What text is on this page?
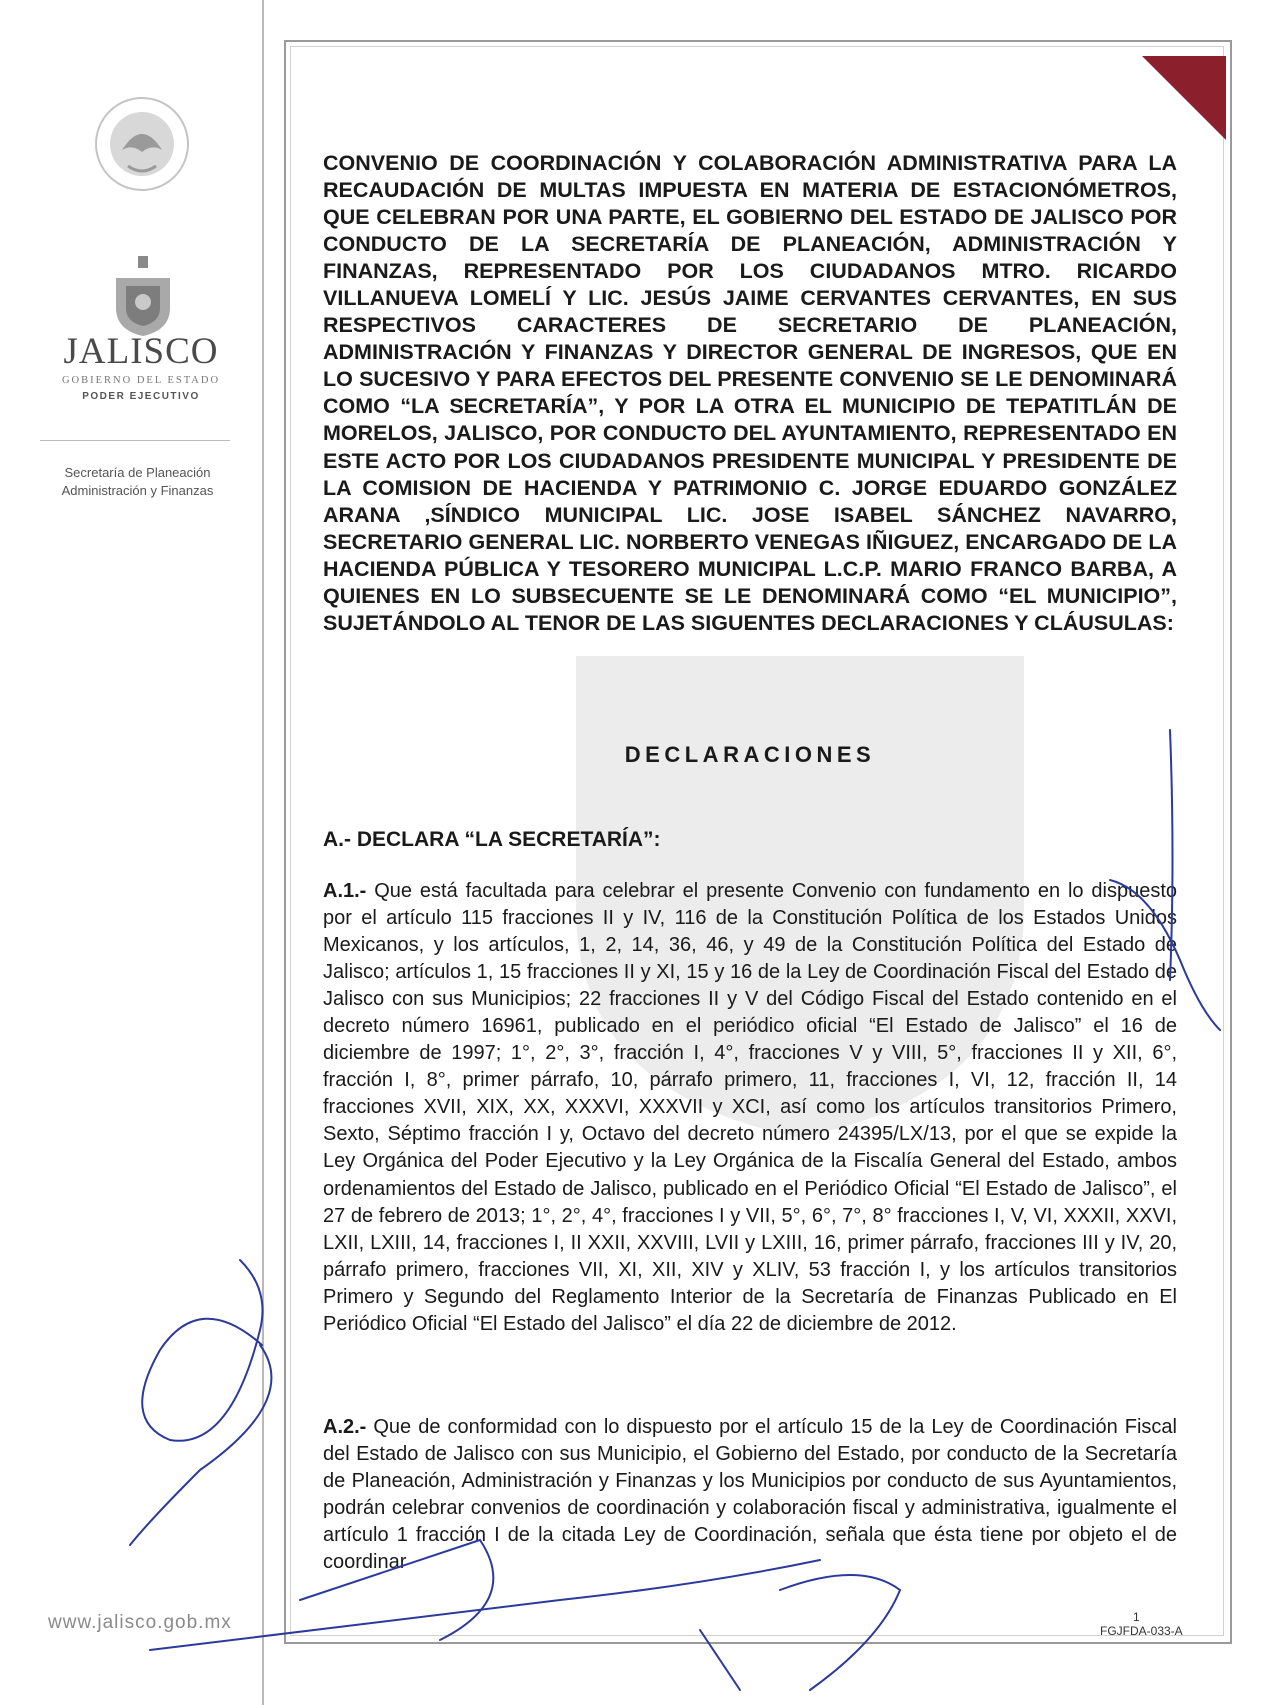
JALISCO
GOBIERNO DEL ESTADO
PODER EJECUTIVO
Secretaría de Planeación
Administración y Finanzas
www.jalisco.gob.mx

CONVENIO DE COORDINACIÓN Y COLABORACIÓN ADMINISTRATIVA PARA LA RECAUDACIÓN DE MULTAS IMPUESTA EN MATERIA DE ESTACIONÓMETROS, QUE CELEBRAN POR UNA PARTE, EL GOBIERNO DEL ESTADO DE JALISCO POR CONDUCTO DE LA SECRETARÍA DE PLANEACIÓN, ADMINISTRACIÓN Y FINANZAS, REPRESENTADO POR LOS CIUDADANOS MTRO. RICARDO VILLANUEVA LOMELÍ Y LIC. JESÚS JAIME CERVANTES CERVANTES, EN SUS RESPECTIVOS CARACTERES DE SECRETARIO DE PLANEACIÓN, ADMINISTRACIÓN Y FINANZAS Y DIRECTOR GENERAL DE INGRESOS, QUE EN LO SUCESIVO Y PARA EFECTOS DEL PRESENTE CONVENIO SE LE DENOMINARÁ COMO “LA SECRETARÍA”, Y POR LA OTRA EL MUNICIPIO DE TEPATITLÁN DE MORELOS, JALISCO, POR CONDUCTO DEL AYUNTAMIENTO, REPRESENTADO EN ESTE ACTO POR LOS CIUDADANOS PRESIDENTE MUNICIPAL Y PRESIDENTE DE LA COMISION DE HACIENDA Y PATRIMONIO C. JORGE EDUARDO GONZÁLEZ ARANA ,SÍNDICO MUNICIPAL LIC. JOSE ISABEL SÁNCHEZ NAVARRO, SECRETARIO GENERAL LIC. NORBERTO VENEGAS IÑIGUEZ, ENCARGADO DE LA HACIENDA PÚBLICA Y TESORERO MUNICIPAL L.C.P. MARIO FRANCO BARBA, A QUIENES EN LO SUBSECUENTE SE LE DENOMINARÁ COMO “EL MUNICIPIO”, SUJETÁNDOLO AL TENOR DE LAS SIGUENTES DECLARACIONES Y CLÁUSULAS:

DECLARACIONES

A.- DECLARA “LA SECRETARÍA”:

A.1.- Que está facultada para celebrar el presente Convenio con fundamento en lo dispuesto por el artículo 115 fracciones II y IV, 116 de la Constitución Política de los Estados Unidos Mexicanos, y los artículos, 1, 2, 14, 36, 46, y 49 de la Constitución Política del Estado de Jalisco; artículos 1, 15 fracciones II y XI, 15 y 16 de la Ley de Coordinación Fiscal del Estado de Jalisco con sus Municipios; 22 fracciones II y V del Código Fiscal del Estado contenido en el decreto número 16961, publicado en el periódico oficial “El Estado de Jalisco” el 16 de diciembre de 1997; 1°, 2°, 3°, fracción I, 4°, fracciones V y VIII, 5°, fracciones II y XII, 6°, fracción I, 8°, primer párrafo, 10, párrafo primero, 11, fracciones I, VI, 12, fracción II, 14 fracciones XVII, XIX, XX, XXXVI, XXXVII y XCI, así como los artículos transitorios Primero, Sexto, Séptimo fracción I y, Octavo del decreto número 24395/LX/13, por el que se expide la Ley Orgánica del Poder Ejecutivo y la Ley Orgánica de la Fiscalía General del Estado, ambos ordenamientos del Estado de Jalisco, publicado en el Periódico Oficial “El Estado de Jalisco”, el 27 de febrero de 2013; 1°, 2°, 4°, fracciones I y VII, 5°, 6°, 7°, 8° fracciones I, V, VI, XXXII, XXVI, LXII, LXIII, 14, fracciones I, II XXII, XXVIII, LVII y LXIII, 16, primer párrafo, fracciones III y IV, 20, párrafo primero, fracciones VII, XI, XII, XIV y XLIV, 53 fracción I, y los artículos transitorios Primero y Segundo del Reglamento Interior de la Secretaría de Finanzas Publicado en El Periódico Oficial “El Estado del Jalisco” el día 22 de diciembre de 2012.

A.2.- Que de conformidad con lo dispuesto por el artículo 15 de la Ley de Coordinación Fiscal del Estado de Jalisco con sus Municipio, el Gobierno del Estado, por conducto de la Secretaría de Planeación, Administración y Finanzas y los Municipios por conducto de sus Ayuntamientos, podrán celebrar convenios de coordinación y colaboración fiscal y administrativa, igualmente el artículo 1 fracción I de la citada Ley de Coordinación, señala que ésta tiene por objeto el de coordinar

1
FGJFDA-033-A
